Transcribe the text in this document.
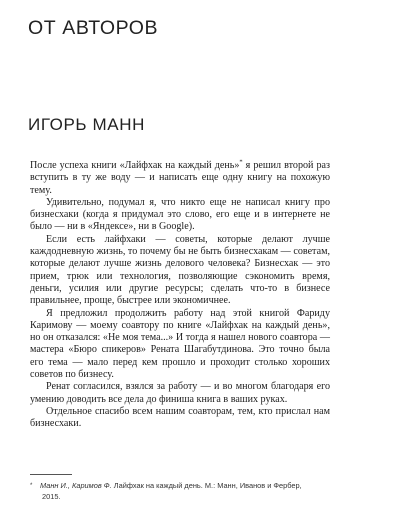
ОТ АВТОРОВ
ИГОРЬ МАНН

После успеха книги «Лайфхак на каждый день»* я решил второй раз вступить в ту же воду — и написать еще одну книгу на похожую тему.

Удивительно, подумал я, что никто еще не написал книгу про бизнесхаки (когда я придумал это слово, его еще и в интернете не было — ни в «Яндексе», ни в Google).

Если есть лайфхаки — советы, которые делают лучше каждодневную жизнь, то почему бы не быть бизнесхакам — советам, которые делают лучше жизнь делового человека? Бизнесхак — это прием, трюк или технология, позволяющие сэкономить время, деньги, усилия или другие ресурсы; сделать что-то в бизнесе правильнее, проще, быстрее или экономичнее.

Я предложил продолжить работу над этой книгой Фариду Каримову — моему соавтору по книге «Лайфхак на каждый день», но он отказался: «Не моя тема...» И тогда я нашел нового соавтора — мастера «Бюро спикеров» Рената Шагабутдинова. Это точно была его тема — мало перед кем прошло и проходит столько хороших советов по бизнесу.

Ренат согласился, взялся за работу — и во многом благодаря его умению доводить все дела до финиша книга в ваших руках.

Отдельное спасибо всем нашим соавторам, тем, кто прислал нам бизнесхаки.

* Манн И., Каримов Ф. Лайфхак на каждый день. М.: Манн, Иванов и Фербер,
2015.
